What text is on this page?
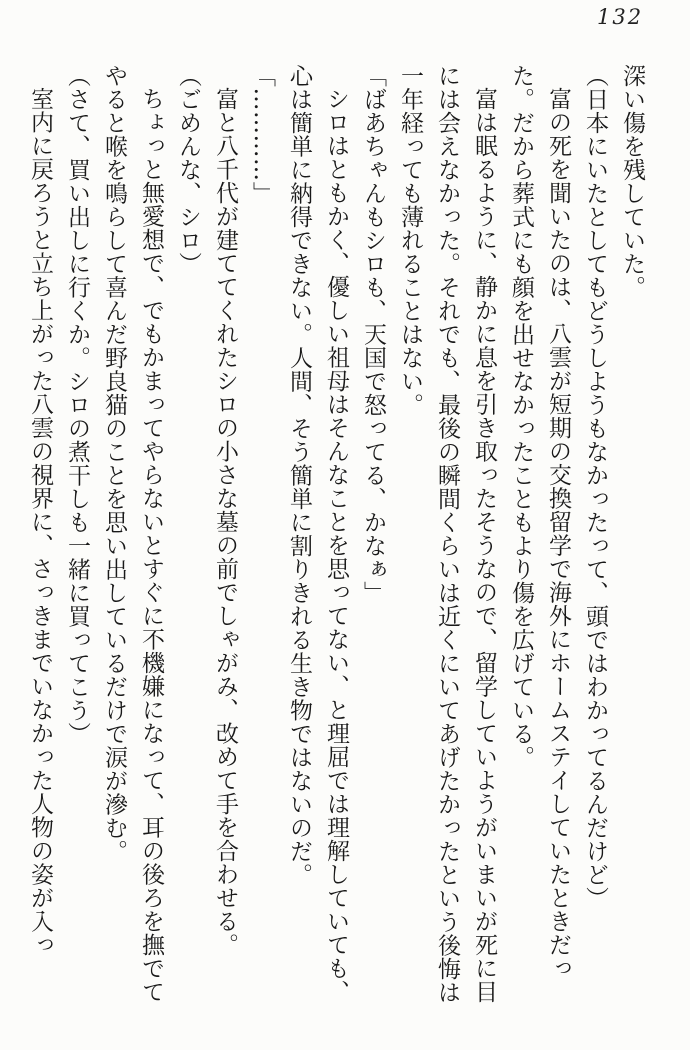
132

深い傷を残していた。

（日本にいたとしてもどうしようもなかったって、頭ではわかってるんだけど）

富の死を聞いたのは、八雲が短期の交換留学で海外にホームステイしていたときだった。だから葬式にも顔を出せなかったこともより傷を広げている。

富は眠るように、静かに息を引き取ったそうなので、留学していようがいまいが死に目には会えなかった。それでも、最後の瞬間くらいは近くにいてあげたかったという後悔は一年経っても薄れることはない。

「ばあちゃんもシロも、天国で怒ってる、かなぁ」

シロはともかく、優しい祖母はそんなことを思ってない、と理屈では理解していても、心は簡単に納得できない。人間、そう簡単に割りきれる生き物ではないのだ。

「…………」

富と八千代が建ててくれたシロの小さな墓の前でしゃがみ、改めて手を合わせる。

（ごめんな、シロ）

ちょっと無愛想で、でもかまってやらないとすぐに不機嫌になって、耳の後ろを撫でてやると喉を鳴らして喜んだ野良猫のことを思い出しているだけで涙が滲む。

（さて、買い出しに行くか。シロの煮干しも一緒に買ってこう）

室内に戻ろうと立ち上がった八雲の視界に、さっきまでいなかった人物の姿が入っ
